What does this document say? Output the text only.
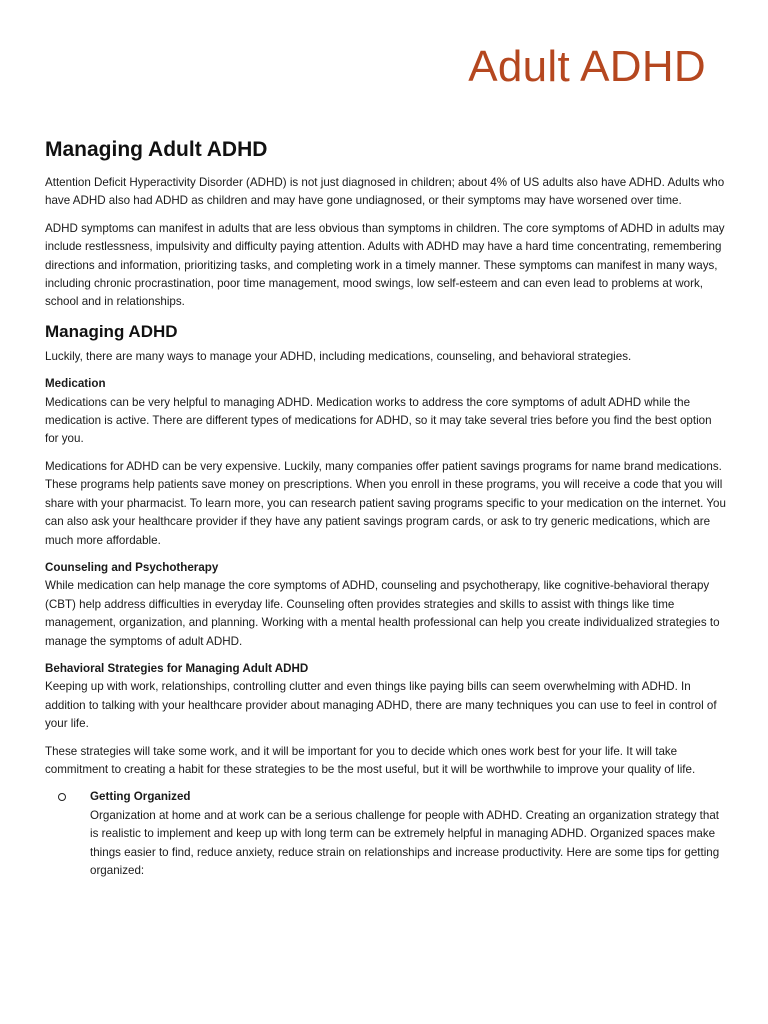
Adult ADHD
Managing Adult ADHD

Attention Deficit Hyperactivity Disorder (ADHD) is not just diagnosed in children; about 4% of US adults also have ADHD. Adults who have ADHD also had ADHD as children and may have gone undiagnosed, or their symptoms may have worsened over time.

ADHD symptoms can manifest in adults that are less obvious than symptoms in children. The core symptoms of ADHD in adults may include restlessness, impulsivity and difficulty paying attention. Adults with ADHD may have a hard time concentrating, remembering directions and information, prioritizing tasks, and completing work in a timely manner. These symptoms can manifest in many ways, including chronic procrastination, poor time management, mood swings, low self-esteem and can even lead to problems at work, school and in relationships.

Managing ADHD

Luckily, there are many ways to manage your ADHD, including medications, counseling, and behavioral strategies.

Medication
Medications can be very helpful to managing ADHD. Medication works to address the core symptoms of adult ADHD while the medication is active. There are different types of medications for ADHD, so it may take several tries before you find the best option for you.

Medications for ADHD can be very expensive. Luckily, many companies offer patient savings programs for name brand medications. These programs help patients save money on prescriptions. When you enroll in these programs, you will receive a code that you will share with your pharmacist. To learn more, you can research patient saving programs specific to your medication on the internet. You can also ask your healthcare provider if they have any patient savings program cards, or ask to try generic medications, which are much more affordable.

Counseling and Psychotherapy
While medication can help manage the core symptoms of ADHD, counseling and psychotherapy, like cognitive-behavioral therapy (CBT) help address difficulties in everyday life. Counseling often provides strategies and skills to assist with things like time management, organization, and planning. Working with a mental health professional can help you create individualized strategies to manage the symptoms of adult ADHD.

Behavioral Strategies for Managing Adult ADHD
Keeping up with work, relationships, controlling clutter and even things like paying bills can seem overwhelming with ADHD. In addition to talking with your healthcare provider about managing ADHD, there are many techniques you can use to feel in control of your life.

These strategies will take some work, and it will be important for you to decide which ones work best for your life. It will take commitment to creating a habit for these strategies to be the most useful, but it will be worthwhile to improve your quality of life.

Getting Organized

Organization at home and at work can be a serious challenge for people with ADHD. Creating an organization strategy that is realistic to implement and keep up with long term can be extremely helpful in managing ADHD. Organized spaces make things easier to find, reduce anxiety, reduce strain on relationships and increase productivity. Here are some tips for getting organized:
